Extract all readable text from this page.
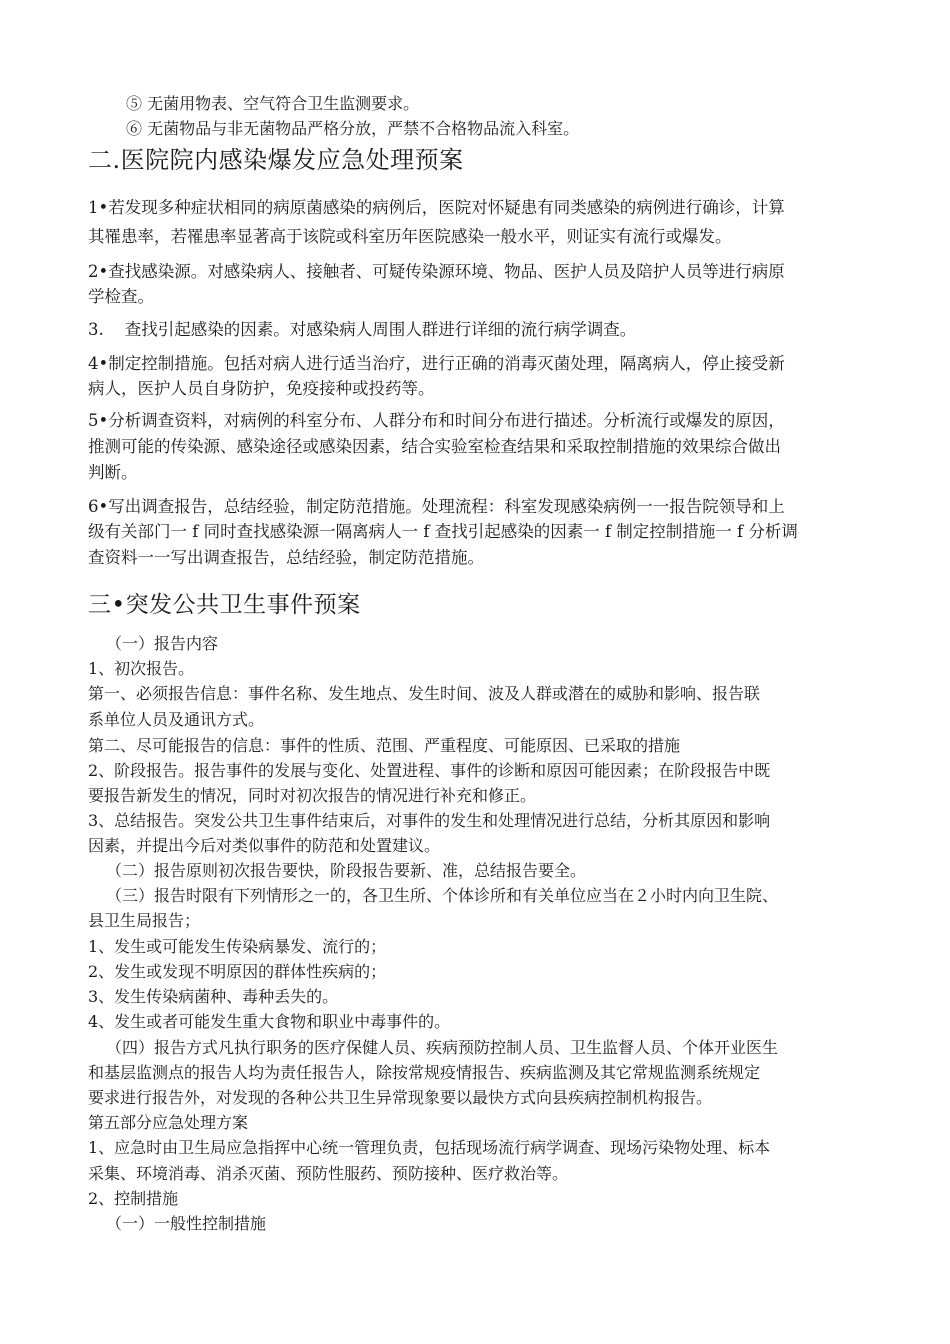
⑤ 无菌用物表、空气符合卫生监测要求。

⑥ 无菌物品与非无菌物品严格分放，严禁不合格物品流入科室。

二.医院院内感染爆发应急处理预案

1•若发现多种症状相同的病原菌感染的病例后，医院对怀疑患有同类感染的病例进行确诊，计算

其罹患率，若罹患率显著高于该院或科室历年医院感染一般水平，则证实有流行或爆发。

2•查找感染源。对感染病人、接触者、可疑传染源环境、物品、医护人员及陪护人员等进行病原

学检查。

3.    查找引起感染的因素。对感染病人周围人群进行详细的流行病学调查。

4•制定控制措施。包括对病人进行适当治疗，进行正确的消毒灭菌处理，隔离病人，停止接受新

病人，医护人员自身防护，免疫接种或投药等。

5•分析调查资料，对病例的科室分布、人群分布和时间分布进行描述。分析流行或爆发的原因，

推测可能的传染源、感染途径或感染因素，结合实验室检查结果和采取控制措施的效果综合做出

判断。

6•写出调查报告，总结经验，制定防范措施。处理流程：科室发现感染病例一一报告院领导和上

级有关部门一 f 同时查找感染源一隔离病人一 f 查找引起感染的因素一 f 制定控制措施一 f 分析调

查资料一一写出调查报告，总结经验，制定防范措施。

三•突发公共卫生事件预案

（一）报告内容

1、初次报告。

第一、必须报告信息：事件名称、发生地点、发生时间、波及人群或潜在的威胁和影响、报告联

系单位人员及通讯方式。

第二、尽可能报告的信息：事件的性质、范围、严重程度、可能原因、已采取的措施

2、阶段报告。报告事件的发展与变化、处置进程、事件的诊断和原因可能因素；在阶段报告中既

要报告新发生的情况，同时对初次报告的情况进行补充和修正。

3、总结报告。突发公共卫生事件结束后，对事件的发生和处理情况进行总结，分析其原因和影响

因素，并提出今后对类似事件的防范和处置建议。

（二）报告原则初次报告要快，阶段报告要新、准，总结报告要全。

（三）报告时限有下列情形之一的，各卫生所、个体诊所和有关单位应当在２小时内向卫生院、

县卫生局报告；

1、发生或可能发生传染病暴发、流行的；

2、发生或发现不明原因的群体性疾病的；

3、发生传染病菌种、毒种丢失的。

4、发生或者可能发生重大食物和职业中毒事件的。

（四）报告方式凡执行职务的医疗保健人员、疾病预防控制人员、卫生监督人员、个体开业医生

和基层监测点的报告人均为责任报告人，除按常规疫情报告、疾病监测及其它常规监测系统规定

要求进行报告外，对发现的各种公共卫生异常现象要以最快方式向县疾病控制机构报告。

第五部分应急处理方案

1、应急时由卫生局应急指挥中心统一管理负责，包括现场流行病学调查、现场污染物处理、标本

采集、环境消毒、消杀灭菌、预防性服药、预防接种、医疗救治等。

2、控制措施

（一）一般性控制措施
